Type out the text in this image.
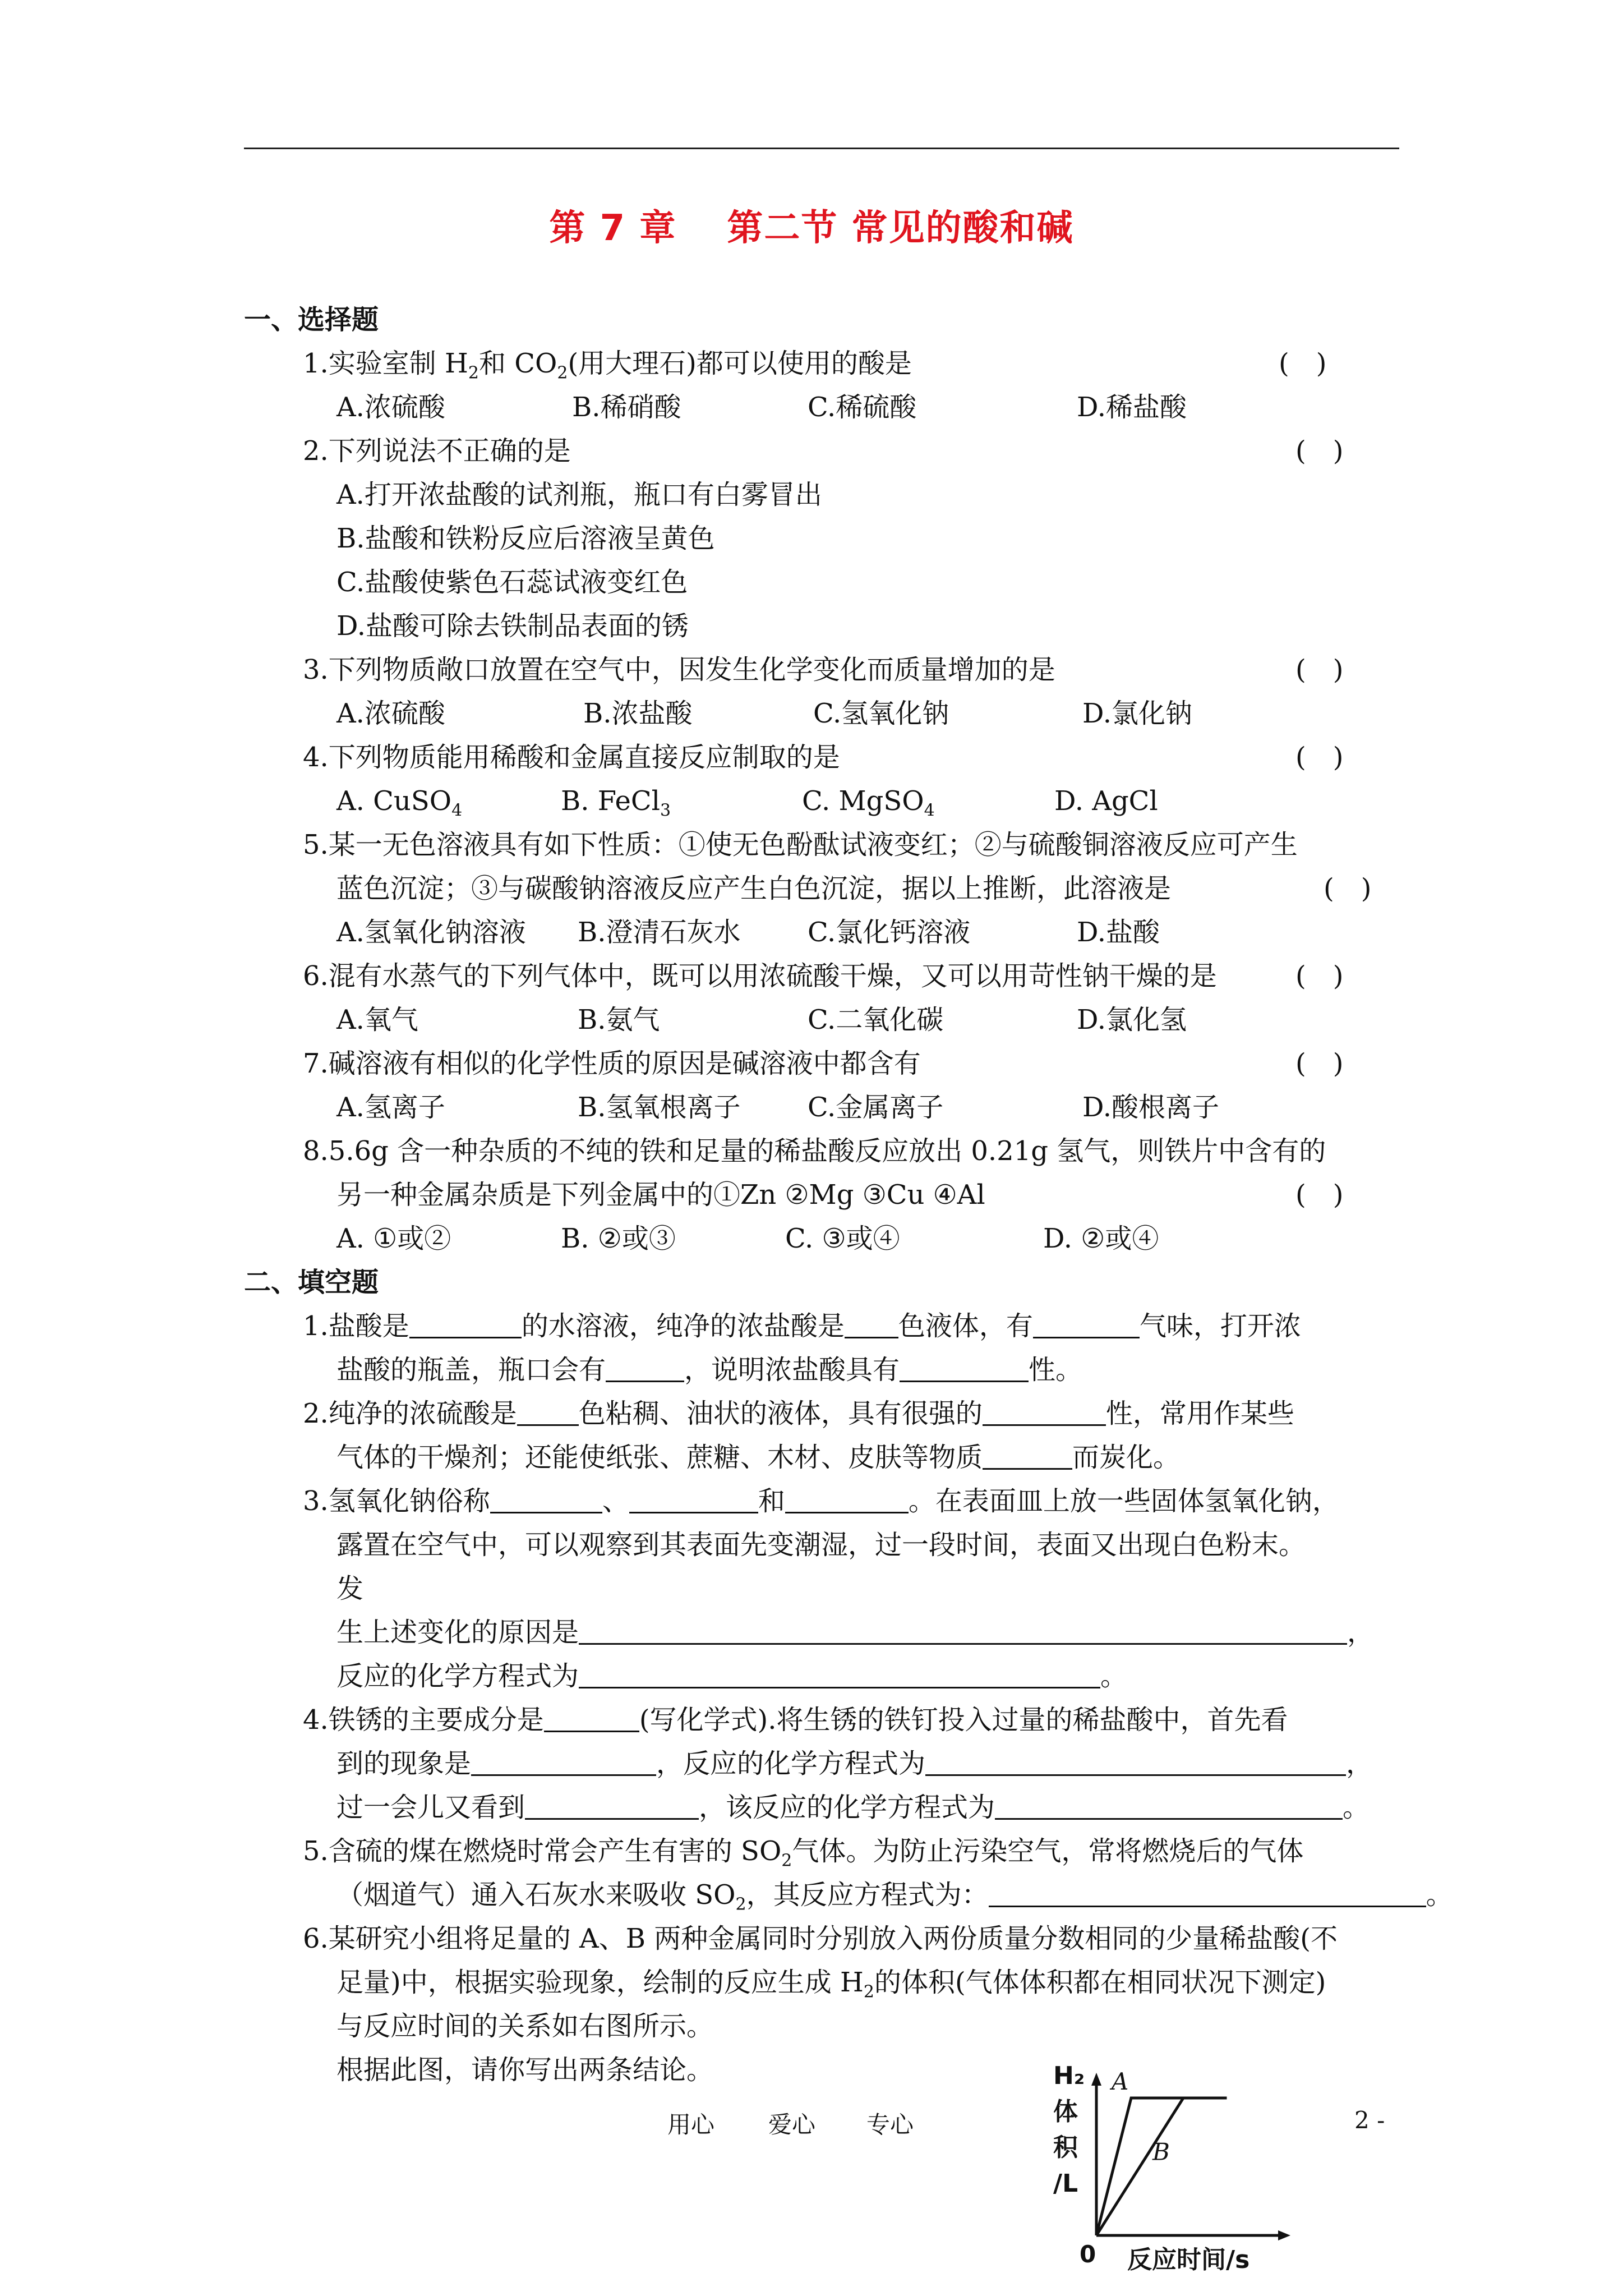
第 7 章 第二节 常见的酸和碱
一、选择题
1.实验室制 $H_2$和 $CO_2$(用大理石)都可以使用的酸是	(　)
A.浓硫酸	B.稀硝酸	C.稀硫酸	D.稀盐酸
2.下列说法不正确的是	(　)
A.打开浓盐酸的试剂瓶，瓶口有白雾冒出
B.盐酸和铁粉反应后溶液呈黄色
C.盐酸使紫色石蕊试液变红色
D.盐酸可除去铁制品表面的锈
3.下列物质敞口放置在空气中，因发生化学变化而质量增加的是	(　)
A.浓硫酸	B.浓盐酸	C.氢氧化钠	D.氯化钠
4.下列物质能用稀酸和金属直接反应制取的是	(　)
A. CuSO$_4$	B. FeCl$_3$	C. MgSO$_4$	D. AgCl
5.某一无色溶液具有如下性质：①使无色酚酞试液变红；②与硫酸铜溶液反应可产生
蓝色沉淀；③与碳酸钠溶液反应产生白色沉淀，据以上推断，此溶液是	(　)
A.氢氧化钠溶液 B.澄清石灰水 C.氯化钙溶液	D.盐酸
6.混有水蒸气的下列气体中，既可以用浓硫酸干燥，又可以用苛性钠干燥的是	(　)
A.氧气	B.氨气	C.二氧化碳	D.氯化氢
7.碱溶液有相似的化学性质的原因是碱溶液中都含有	(　)
A.氢离子	B.氢氧根离子 C.金属离子	D.酸根离子
8.5.6g 含一种杂质的不纯的铁和足量的稀盐酸反应放出 0.21g 氢气，则铁片中含有的
另一种金属杂质是下列金属中的①Zn ②Mg ③Cu ④Al	(　)
A. ①或②	B. ②或③	C. ③或④	D. ②或④
二、填空题
1.盐酸是	的水溶液，纯净的浓盐酸是 色液体，有	气味，打开浓
盐酸的瓶盖，瓶口会有	，说明浓盐酸具有	性。
2.纯净的浓硫酸是 色粘稠、油状的液体，具有很强的	性，常用作某些
气体的干燥剂；还能使纸张、蔗糖、木材、皮肤等物质	而炭化。
3.氢氧化钠俗称	、	和	。在表面皿上放一些固体氢氧化钠，
露置在空气中，可以观察到其表面先变潮湿，过一段时间，表面又出现白色粉末。
发
生上述变化的原因是	，
反应的化学方程式为	。
4.铁锈的主要成分是	(写化学式).将生锈的铁钉投入过量的稀盐酸中，首先看
到的现象是	，反应的化学方程式为	，
过一会儿又看到	，该反应的化学方程式为	。
5.含硫的煤在燃烧时常会产生有害的 $SO_2$气体。为防止污染空气，常将燃烧后的气体
（烟道气）通入石灰水来吸收 $SO_2$，其反应方程式为：	。
6.某研究小组将足量的 A、B 两种金属同时分别放入两份质量分数相同的少量稀盐酸(不
足量)中，根据实验现象，绘制的反应生成 $H_2$的体积(气体体积都在相同状况下测定)
与反应时间的关系如右图所示。
根据此图，请你写出两条结论。	A
B
H₂
体
积
/L
0 反应时间/s
用心 爱心 专心	2 -
